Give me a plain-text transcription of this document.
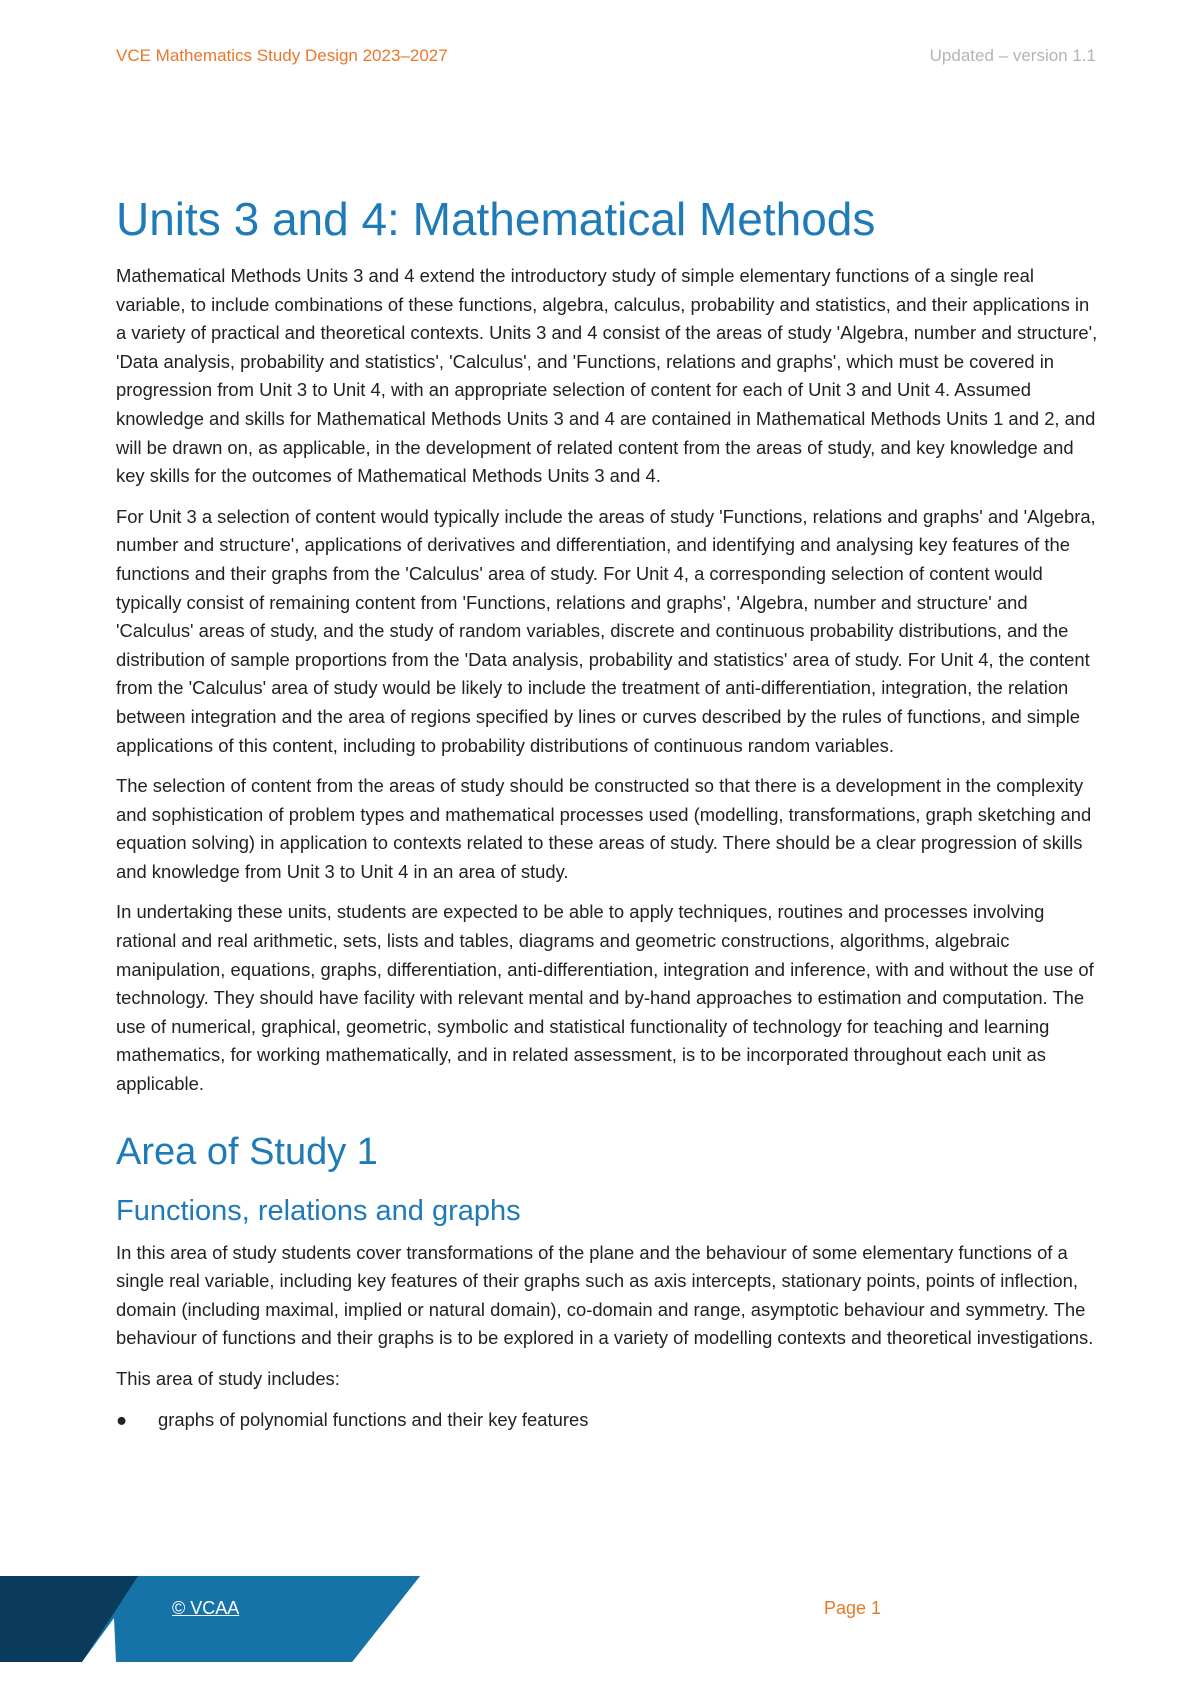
VCE Mathematics Study Design 2023–2027	Updated – version 1.1
Units 3 and 4: Mathematical Methods

Mathematical Methods Units 3 and 4 extend the introductory study of simple elementary functions of a single real variable, to include combinations of these functions, algebra, calculus, probability and statistics, and their applications in a variety of practical and theoretical contexts. Units 3 and 4 consist of the areas of study 'Algebra, number and structure', 'Data analysis, probability and statistics', 'Calculus', and 'Functions, relations and graphs', which must be covered in progression from Unit 3 to Unit 4, with an appropriate selection of content for each of Unit 3 and Unit 4. Assumed knowledge and skills for Mathematical Methods Units 3 and 4 are contained in Mathematical Methods Units 1 and 2, and will be drawn on, as applicable, in the development of related content from the areas of study, and key knowledge and key skills for the outcomes of Mathematical Methods Units 3 and 4.

For Unit 3 a selection of content would typically include the areas of study 'Functions, relations and graphs' and 'Algebra, number and structure', applications of derivatives and differentiation, and identifying and analysing key features of the functions and their graphs from the 'Calculus' area of study. For Unit 4, a corresponding selection of content would typically consist of remaining content from 'Functions, relations and graphs', 'Algebra, number and structure' and 'Calculus' areas of study, and the study of random variables, discrete and continuous probability distributions, and the distribution of sample proportions from the 'Data analysis, probability and statistics' area of study. For Unit 4, the content from the 'Calculus' area of study would be likely to include the treatment of anti-differentiation, integration, the relation between integration and the area of regions specified by lines or curves described by the rules of functions, and simple applications of this content, including to probability distributions of continuous random variables.

The selection of content from the areas of study should be constructed so that there is a development in the complexity and sophistication of problem types and mathematical processes used (modelling, transformations, graph sketching and equation solving) in application to contexts related to these areas of study. There should be a clear progression of skills and knowledge from Unit 3 to Unit 4 in an area of study.

In undertaking these units, students are expected to be able to apply techniques, routines and processes involving rational and real arithmetic, sets, lists and tables, diagrams and geometric constructions, algorithms, algebraic manipulation, equations, graphs, differentiation, anti-differentiation, integration and inference, with and without the use of technology. They should have facility with relevant mental and by-hand approaches to estimation and computation. The use of numerical, graphical, geometric, symbolic and statistical functionality of technology for teaching and learning mathematics, for working mathematically, and in related assessment, is to be incorporated throughout each unit as applicable.

Area of Study 1
Functions, relations and graphs

In this area of study students cover transformations of the plane and the behaviour of some elementary functions of a single real variable, including key features of their graphs such as axis intercepts, stationary points, points of inflection, domain (including maximal, implied or natural domain), co-domain and range, asymptotic behaviour and symmetry. The behaviour of functions and their graphs is to be explored in a variety of modelling contexts and theoretical investigations.

This area of study includes:

● graphs of polynomial functions and their key features
© VCAA	Page 1
